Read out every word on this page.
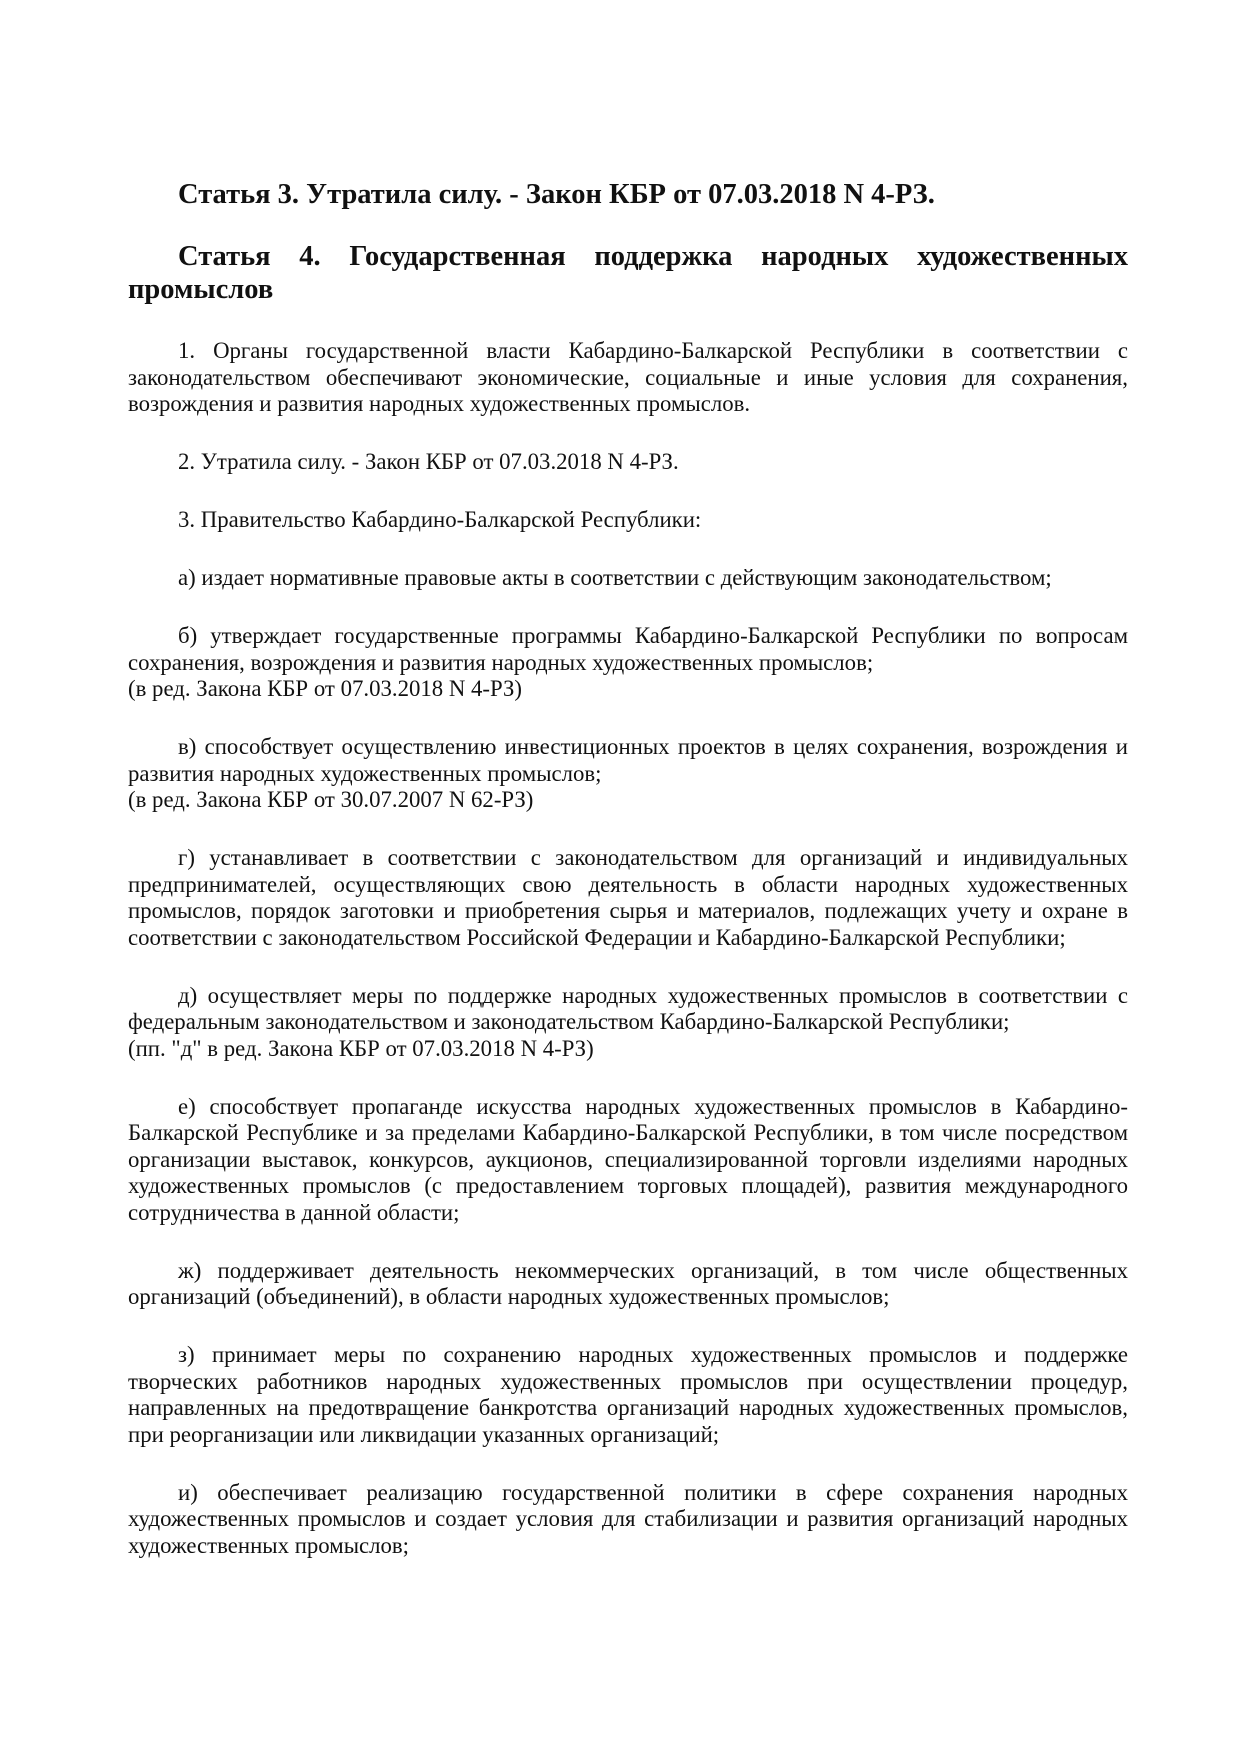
Статья 3. Утратила силу. - Закон КБР от 07.03.2018 N 4-РЗ.

Статья 4. Государственная поддержка народных художественных
промыслов

1. Органы государственной власти Кабардино-Балкарской Республики в соответствии с законодательством обеспечивают экономические, социальные и иные условия для сохранения, возрождения и развития народных художественных промыслов.

2. Утратила силу. - Закон КБР от 07.03.2018 N 4-РЗ.

3. Правительство Кабардино-Балкарской Республики:

а) издает нормативные правовые акты в соответствии с действующим законодательством;

б) утверждает государственные программы Кабардино-Балкарской Республики по вопросам сохранения, возрождения и развития народных художественных промыслов;
(в ред. Закона КБР от 07.03.2018 N 4-РЗ)

в) способствует осуществлению инвестиционных проектов в целях сохранения, возрождения и развития народных художественных промыслов;
(в ред. Закона КБР от 30.07.2007 N 62-РЗ)

г) устанавливает в соответствии с законодательством для организаций и индивидуальных предпринимателей, осуществляющих свою деятельность в области народных художественных промыслов, порядок заготовки и приобретения сырья и материалов, подлежащих учету и охране в соответствии с законодательством Российской Федерации и Кабардино-Балкарской Республики;

д) осуществляет меры по поддержке народных художественных промыслов в соответствии с федеральным законодательством и законодательством Кабардино-Балкарской Республики;
(пп. "д" в ред. Закона КБР от 07.03.2018 N 4-РЗ)

е) способствует пропаганде искусства народных художественных промыслов в Кабардино-Балкарской Республике и за пределами Кабардино-Балкарской Республики, в том числе посредством организации выставок, конкурсов, аукционов, специализированной торговли изделиями народных художественных промыслов (с предоставлением торговых площадей), развития международного сотрудничества в данной области;

ж) поддерживает деятельность некоммерческих организаций, в том числе общественных организаций (объединений), в области народных художественных промыслов;

з) принимает меры по сохранению народных художественных промыслов и поддержке творческих работников народных художественных промыслов при осуществлении процедур, направленных на предотвращение банкротства организаций народных художественных промыслов, при реорганизации или ликвидации указанных организаций;

и) обеспечивает реализацию государственной политики в сфере сохранения народных художественных промыслов и создает условия для стабилизации и развития организаций народных художественных промыслов;
